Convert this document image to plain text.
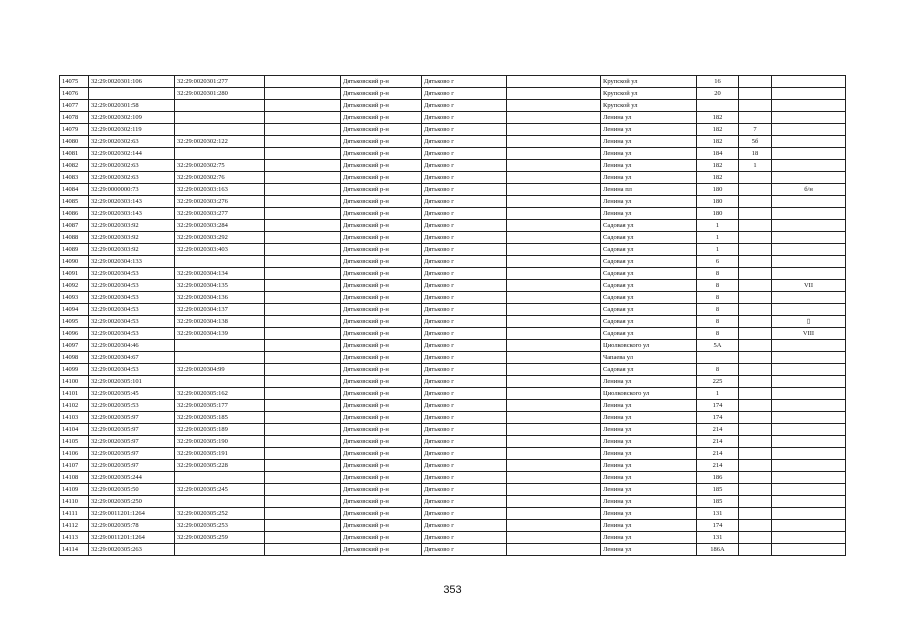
14075	32:29:0020301:106	32:29:0020301:277		Дятьковский р-н	Дятьково г		Крупской ул	16		
14076		32:29:0020301:280		Дятьковский р-н	Дятьково г		Крупской ул	20		
14077	32:29:0020301:58			Дятьковский р-н	Дятьково г		Крупской ул			
14078	32:29:0020302:109			Дятьковский р-н	Дятьково г		Ленина ул	182		
14079	32:29:0020302:119			Дятьковский р-н	Дятьково г		Ленина ул	182	7	
14080	32:29:0020302:63	32:29:0020302:122		Дятьковский р-н	Дятьково г		Ленина ул	182	5б	
14081	32:29:0020302:144			Дятьковский р-н	Дятьково г		Ленина ул	184	18	
14082	32:29:0020302:63	32:29:0020302:75		Дятьковский р-н	Дятьково г		Ленина ул	182	1	
14083	32:29:0020302:63	32:29:0020302:76		Дятьковский р-н	Дятьково г		Ленина ул	182		
14084	32:29:0000000:73	32:29:0020303:163		Дятьковский р-н	Дятьково г		Ленина пл	180		б/н
14085	32:29:0020303:143	32:29:0020303:276		Дятьковский р-н	Дятьково г		Ленина ул	180		
14086	32:29:0020303:143	32:29:0020303:277		Дятьковский р-н	Дятьково г		Ленина ул	180		
14087	32:29:0020303:92	32:29:0020303:284		Дятьковский р-н	Дятьково г		Садовая ул	1		
14088	32:29:0020303:92	32:29:0020303:292		Дятьковский р-н	Дятьково г		Садовая ул	1		
14089	32:29:0020303:92	32:29:0020303:403		Дятьковский р-н	Дятьково г		Садовая ул	1		
14090	32:29:0020304:133			Дятьковский р-н	Дятьково г		Садовая ул	6		
14091	32:29:0020304:53	32:29:0020304:134		Дятьковский р-н	Дятьково г		Садовая ул	8		
14092	32:29:0020304:53	32:29:0020304:135		Дятьковский р-н	Дятьково г		Садовая ул	8		VII
14093	32:29:0020304:53	32:29:0020304:136		Дятьковский р-н	Дятьково г		Садовая ул	8		
14094	32:29:0020304:53	32:29:0020304:137		Дятьковский р-н	Дятьково г		Садовая ул	8		
14095	32:29:0020304:53	32:29:0020304:138		Дятьковский р-н	Дятьково г		Садовая ул	8		▯
14096	32:29:0020304:53	32:29:0020304:139		Дятьковский р-н	Дятьково г		Садовая ул	8		VIII
14097	32:29:0020304:46			Дятьковский р-н	Дятьково г		Циолковского ул	5А		
14098	32:29:0020304:67			Дятьковский р-н	Дятьково г		Чапаева ул			
14099	32:29:0020304:53	32:29:0020304:99		Дятьковский р-н	Дятьково г		Садовая ул	8		
14100	32:29:0020305:101			Дятьковский р-н	Дятьково г		Ленина ул	225		
14101	32:29:0020305:45	32:29:0020305:162		Дятьковский р-н	Дятьково г		Циолковского ул	1		
14102	32:29:0020305:53	32:29:0020305:177		Дятьковский р-н	Дятьково г		Ленина ул	174		
14103	32:29:0020305:97	32:29:0020305:185		Дятьковский р-н	Дятьково г		Ленина ул	174		
14104	32:29:0020305:97	32:29:0020305:189		Дятьковский р-н	Дятьково г		Ленина ул	214		
14105	32:29:0020305:97	32:29:0020305:190		Дятьковский р-н	Дятьково г		Ленина ул	214		
14106	32:29:0020305:97	32:29:0020305:191		Дятьковский р-н	Дятьково г		Ленина ул	214		
14107	32:29:0020305:97	32:29:0020305:228		Дятьковский р-н	Дятьково г		Ленина ул	214		
14108	32:29:0020305:244			Дятьковский р-н	Дятьково г		Ленина ул	186		
14109	32:29:0020305:50	32:29:0020305:245		Дятьковский р-н	Дятьково г		Ленина ул	185		
14110	32:29:0020305:250			Дятьковский р-н	Дятьково г		Ленина ул	185		
14111	32:29:0011201:1264	32:29:0020305:252		Дятьковский р-н	Дятьково г		Ленина ул	131		
14112	32:29:0020305:78	32:29:0020305:253		Дятьковский р-н	Дятьково г		Ленина ул	174		
14113	32:29:0011201:1264	32:29:0020305:259		Дятьковский р-н	Дятьково г		Ленина ул	131		
14114	32:29:0020305:263			Дятьковский р-н	Дятьково г		Ленина ул	186А		
353
